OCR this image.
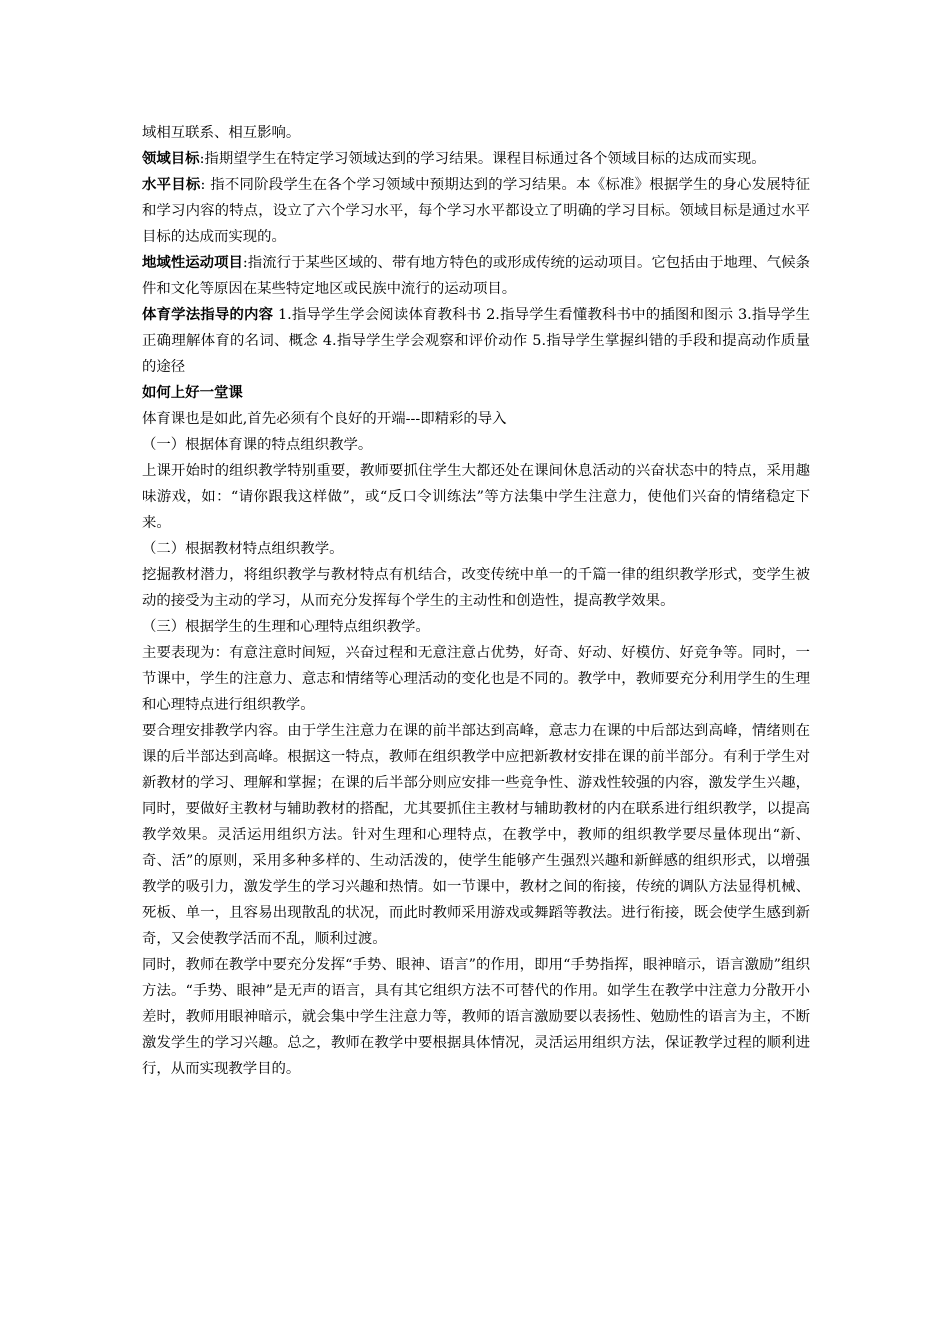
域相互联系、相互影响。

领域目标:指期望学生在特定学习领域达到的学习结果。课程目标通过各个领域目标的达成而实现。

水平目标: 指不同阶段学生在各个学习领域中预期达到的学习结果。本《标准》根据学生的身心发展特征和学习内容的特点，设立了六个学习水平，每个学习水平都设立了明确的学习目标。领域目标是通过水平目标的达成而实现的。

地域性运动项目:指流行于某些区域的、带有地方特色的或形成传统的运动项目。它包括由于地理、气候条件和文化等原因在某些特定地区或民族中流行的运动项目。

体育学法指导的内容 1.指导学生学会阅读体育教科书 2.指导学生看懂教科书中的插图和图示 3.指导学生正确理解体育的名词、概念 4.指导学生学会观察和评价动作 5.指导学生掌握纠错的手段和提高动作质量的途径

如何上好一堂课

体育课也是如此,首先必须有个良好的开端---即精彩的导入

（一）根据体育课的特点组织教学。

上课开始时的组织教学特别重要，教师要抓住学生大都还处在课间休息活动的兴奋状态中的特点，采用趣味游戏，如：“请你跟我这样做”，或“反口令训练法”等方法集中学生注意力，使他们兴奋的情绪稳定下来。

（二）根据教材特点组织教学。

挖掘教材潜力，将组织教学与教材特点有机结合，改变传统中单一的千篇一律的组织教学形式，变学生被动的接受为主动的学习，从而充分发挥每个学生的主动性和创造性，提高教学效果。

（三）根据学生的生理和心理特点组织教学。

主要表现为：有意注意时间短，兴奋过程和无意注意占优势，好奇、好动、好模仿、好竞争等。同时，一节课中，学生的注意力、意志和情绪等心理活动的变化也是不同的。教学中，教师要充分利用学生的生理和心理特点进行组织教学。

要合理安排教学内容。由于学生注意力在课的前半部达到高峰，意志力在课的中后部达到高峰，情绪则在课的后半部达到高峰。根据这一特点，教师在组织教学中应把新教材安排在课的前半部分。有利于学生对新教材的学习、理解和掌握；在课的后半部分则应安排一些竞争性、游戏性较强的内容，激发学生兴趣，同时，要做好主教材与辅助教材的搭配，尤其要抓住主教材与辅助教材的内在联系进行组织教学，以提高教学效果。灵活运用组织方法。针对生理和心理特点，在教学中，教师的组织教学要尽量体现出“新、奇、活”的原则，采用多种多样的、生动活泼的，使学生能够产生强烈兴趣和新鲜感的组织形式，以增强教学的吸引力，激发学生的学习兴趣和热情。如一节课中，教材之间的衔接，传统的调队方法显得机械、死板、单一，且容易出现散乱的状况，而此时教师采用游戏或舞蹈等教法。进行衔接，既会使学生感到新奇，又会使教学活而不乱，顺利过渡。

同时，教师在教学中要充分发挥“手势、眼神、语言”的作用，即用“手势指挥，眼神暗示，语言激励”组织方法。“手势、眼神”是无声的语言，具有其它组织方法不可替代的作用。如学生在教学中注意力分散开小差时，教师用眼神暗示，就会集中学生注意力等，教师的语言激励要以表扬性、勉励性的语言为主，不断激发学生的学习兴趣。总之，教师在教学中要根据具体情况，灵活运用组织方法，保证教学过程的顺利进行，从而实现教学目的。
